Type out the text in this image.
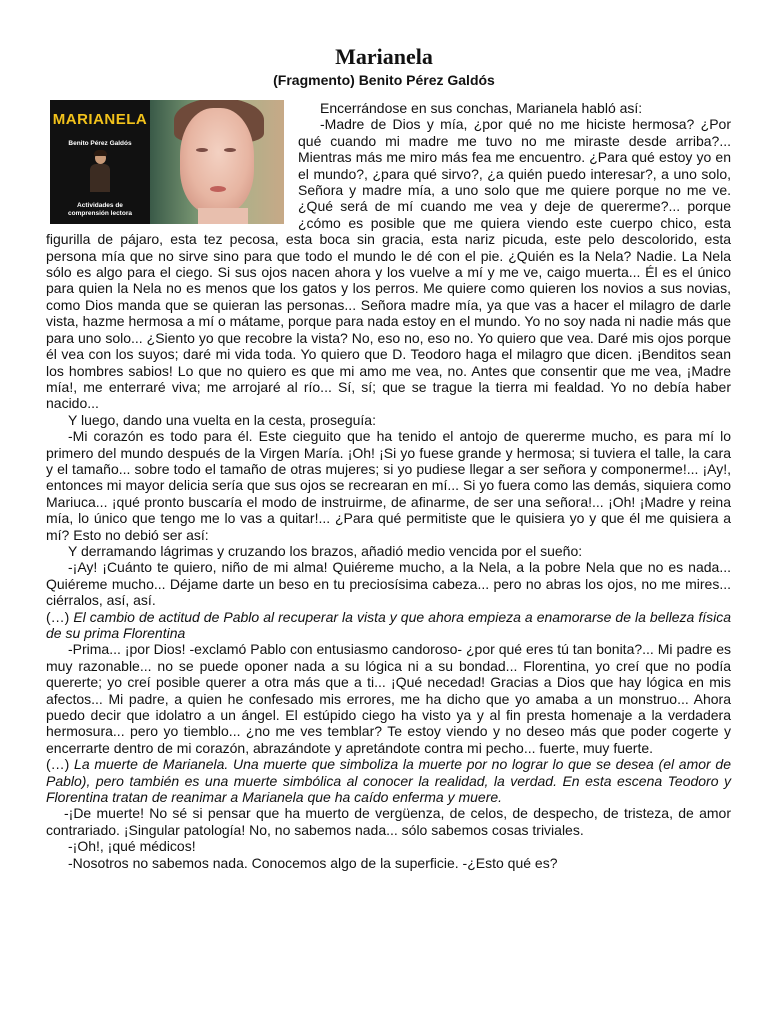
Marianela
(Fragmento) Benito Pérez Galdós
MARIANELA
Benito Pérez Galdós
Actividades de
comprensión lectora

Encerrándose en sus conchas, Marianela habló así:

-Madre de Dios y mía, ¿por qué no me hiciste hermosa? ¿Por qué cuando mi madre me tuvo no me miraste desde arriba?... Mientras más me miro más fea me encuentro. ¿Para qué estoy yo en el mundo?, ¿para qué sirvo?, ¿a quién puedo interesar?, a uno solo, Señora y madre mía, a uno solo que me quiere porque no me ve. ¿Qué será de mí cuando me vea y deje de quererme?... porque ¿cómo es posible que me quiera viendo este cuerpo chico, esta figurilla de pájaro, esta tez pecosa, esta boca sin gracia, esta nariz picuda, este pelo descolorido, esta persona mía que no sirve sino para que todo el mundo le dé con el pie. ¿Quién es la Nela? Nadie. La Nela sólo es algo para el ciego. Si sus ojos nacen ahora y los vuelve a mí y me ve, caigo muerta... Él es el único para quien la Nela no es menos que los gatos y los perros. Me quiere como quieren los novios a sus novias, como Dios manda que se quieran las personas... Señora madre mía, ya que vas a hacer el milagro de darle vista, hazme hermosa a mí o mátame, porque para nada estoy en el mundo. Yo no soy nada ni nadie más que para uno solo... ¿Siento yo que recobre la vista? No, eso no, eso no. Yo quiero que vea. Daré mis ojos porque él vea con los suyos; daré mi vida toda. Yo quiero que D. Teodoro haga el milagro que dicen. ¡Benditos sean los hombres sabios! Lo que no quiero es que mi amo me vea, no. Antes que consentir que me vea, ¡Madre mía!, me enterraré viva; me arrojaré al río... Sí, sí; que se trague la tierra mi fealdad. Yo no debía haber nacido...

Y luego, dando una vuelta en la cesta, proseguía:

-Mi corazón es todo para él. Este cieguito que ha tenido el antojo de quererme mucho, es para mí lo primero del mundo después de la Virgen María. ¡Oh! ¡Si yo fuese grande y hermosa; si tuviera el talle, la cara y el tamaño... sobre todo el tamaño de otras mujeres; si yo pudiese llegar a ser señora y componerme!... ¡Ay!, entonces mi mayor delicia sería que sus ojos se recrearan en mí... Si yo fuera como las demás, siquiera como Mariuca... ¡qué pronto buscaría el modo de instruirme, de afinarme, de ser una señora!... ¡Oh! ¡Madre y reina mía, lo único que tengo me lo vas a quitar!... ¿Para qué permitiste que le quisiera yo y que él me quisiera a mí? Esto no debió ser así:

Y derramando lágrimas y cruzando los brazos, añadió medio vencida por el sueño:

-¡Ay! ¡Cuánto te quiero, niño de mi alma! Quiéreme mucho, a la Nela, a la pobre Nela que no es nada... Quiéreme mucho... Déjame darte un beso en tu preciosísima cabeza... pero no abras los ojos, no me mires... ciérralos, así, así.

(…) El cambio de actitud de Pablo al recuperar la vista y que ahora empieza a enamorarse de la belleza física de su prima Florentina

-Prima... ¡por Dios! -exclamó Pablo con entusiasmo candoroso- ¿por qué eres tú tan bonita?... Mi padre es muy razonable... no se puede oponer nada a su lógica ni a su bondad... Florentina, yo creí que no podía quererte; yo creí posible querer a otra más que a ti... ¡Qué necedad! Gracias a Dios que hay lógica en mis afectos... Mi padre, a quien he confesado mis errores, me ha dicho que yo amaba a un monstruo... Ahora puedo decir que idolatro a un ángel. El estúpido ciego ha visto ya y al fin presta homenaje a la verdadera hermosura... pero yo tiemblo... ¿no me ves temblar? Te estoy viendo y no deseo más que poder cogerte y encerrarte dentro de mi corazón, abrazándote y apretándote contra mi pecho... fuerte, muy fuerte.

(…) La muerte de Marianela. Una muerte que simboliza la muerte por no lograr lo que se desea (el amor de Pablo), pero también es una muerte simbólica al conocer la realidad, la verdad. En esta escena Teodoro y Florentina tratan de reanimar a Marianela que ha caído enferma y muere.

-¡De muerte! No sé si pensar que ha muerto de vergüenza, de celos, de despecho, de tristeza, de amor contrariado. ¡Singular patología! No, no sabemos nada... sólo sabemos cosas triviales.

-¡Oh!, ¡qué médicos!

-Nosotros no sabemos nada. Conocemos algo de la superficie. -¿Esto qué es?
